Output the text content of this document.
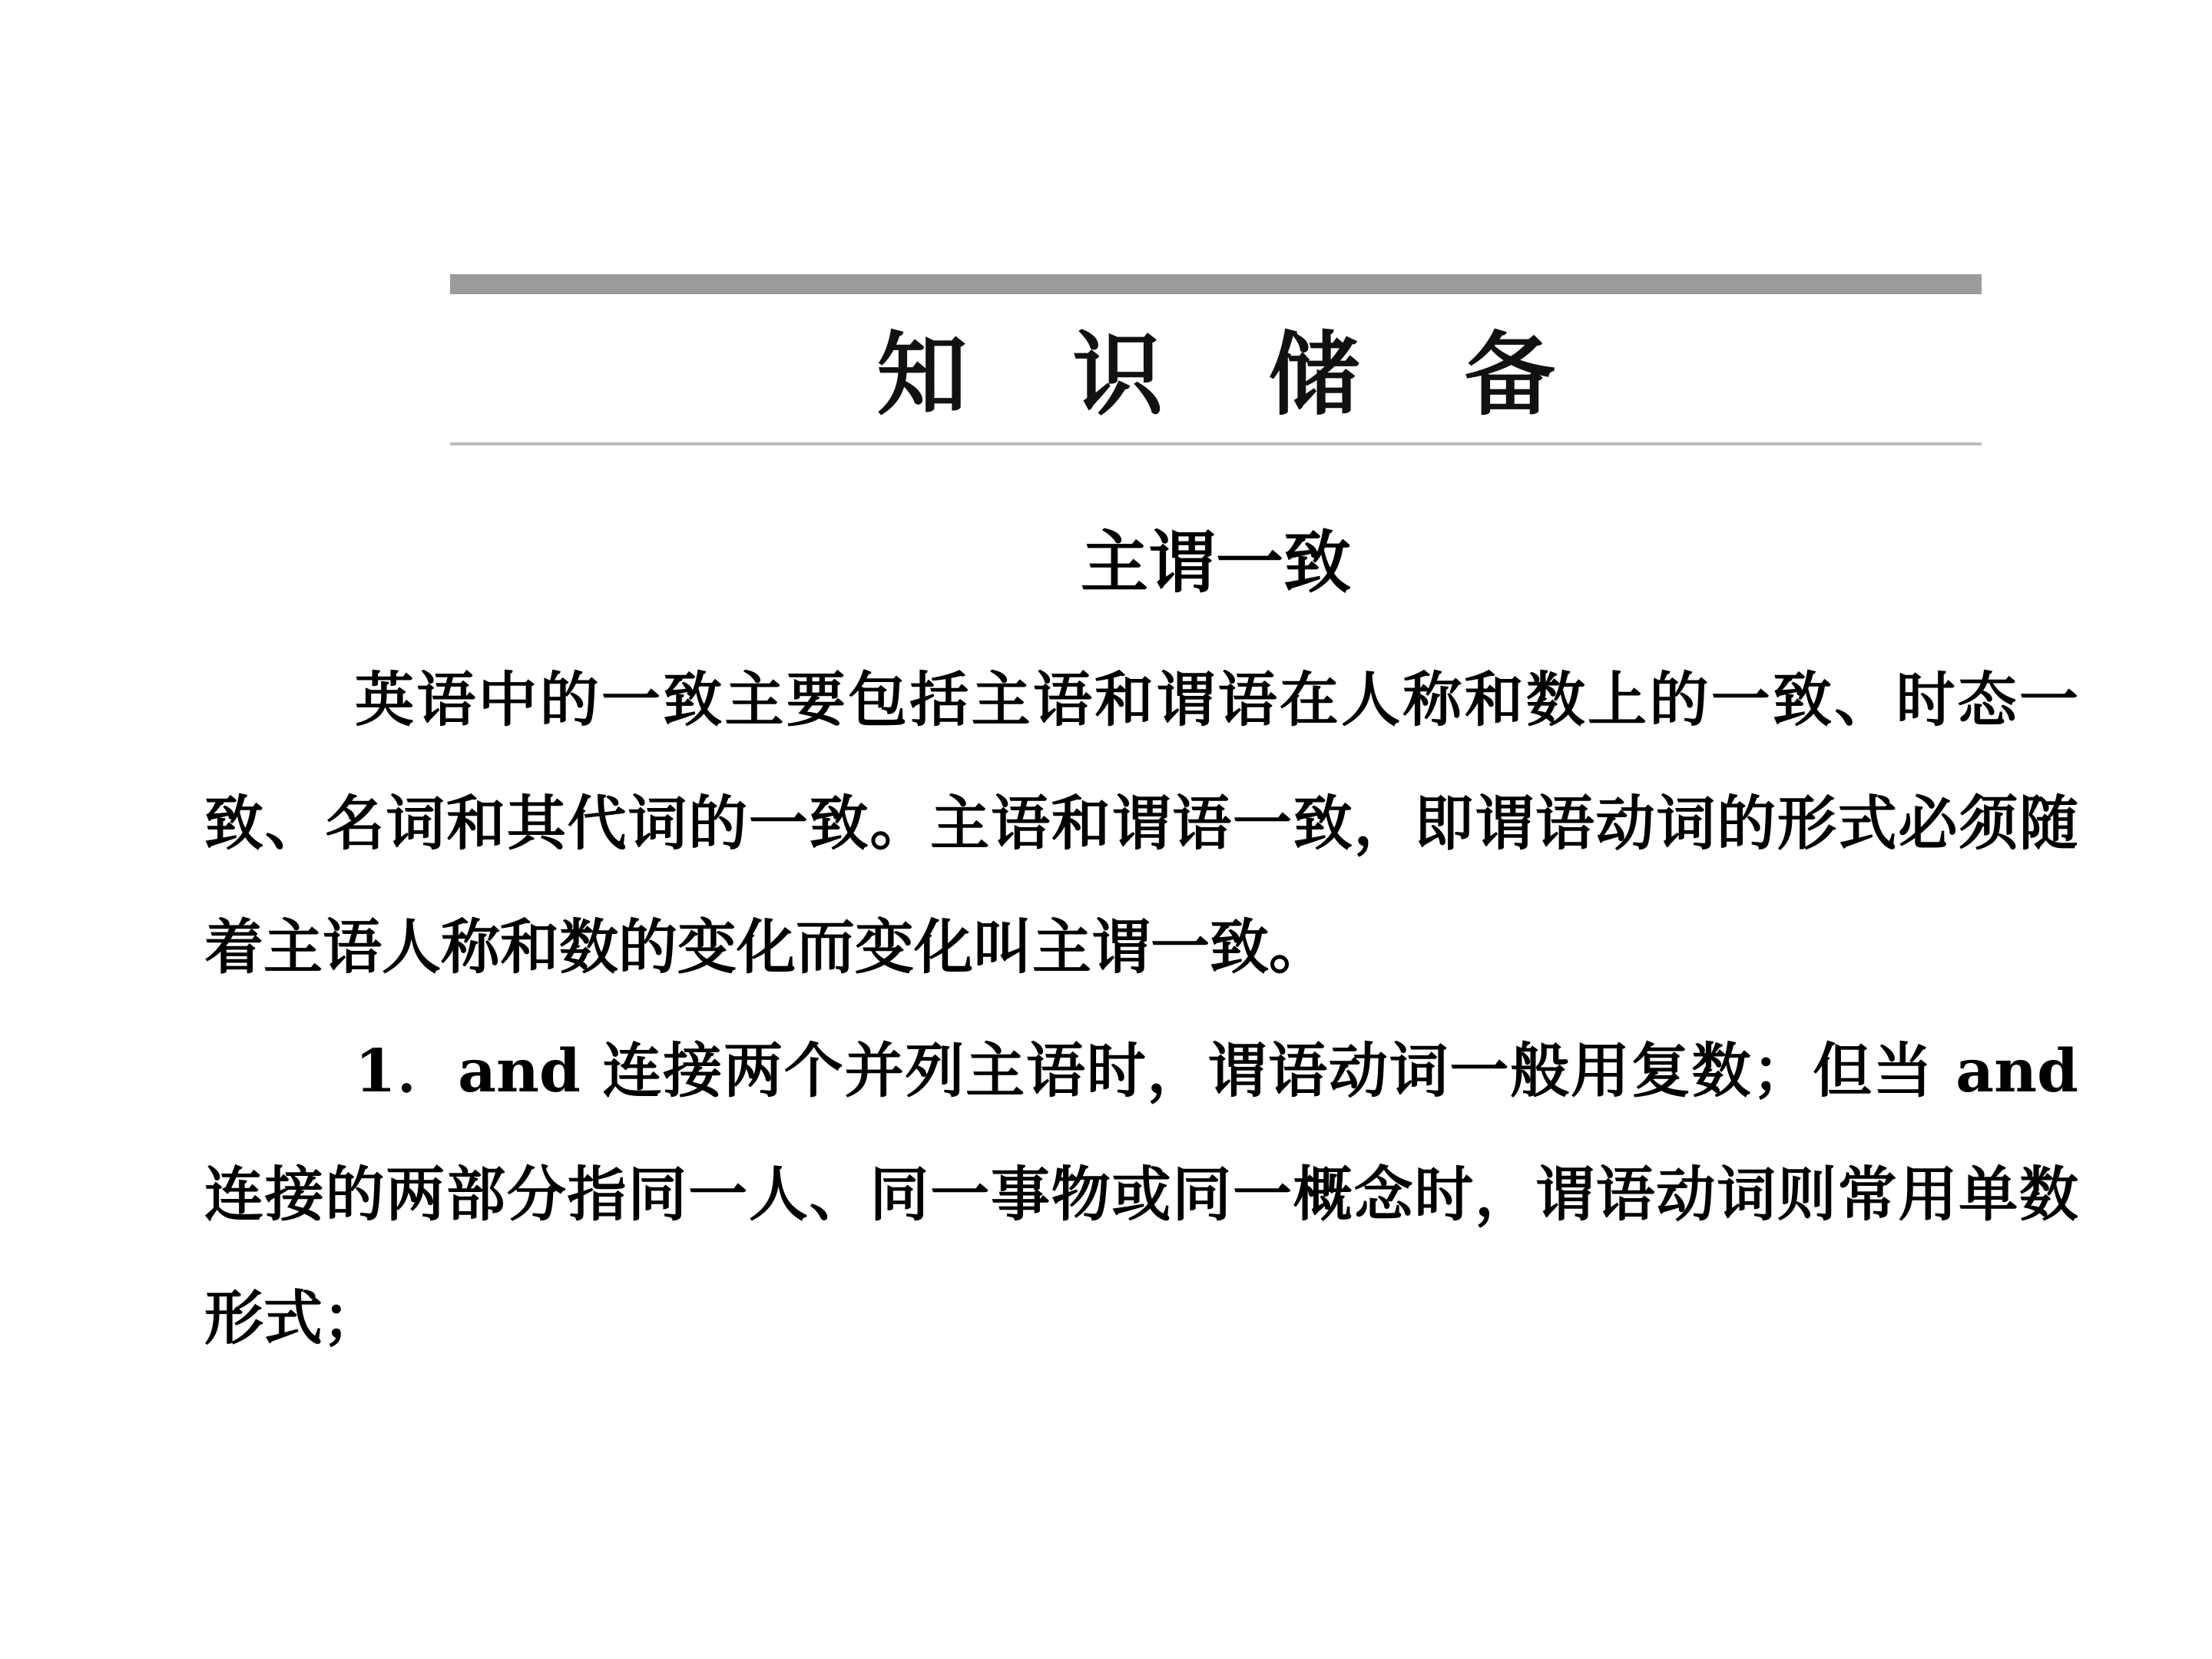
知 识 储 备
主谓一致

英语中的一致主要包括主语和谓语在人称和数上的一致、时态一致、名词和其代词的一致。主语和谓语一致，即谓语动词的形式必须随着主语人称和数的变化而变化叫主谓一致。

1．and 连接两个并列主语时，谓语动词一般用复数；但当 and 连接的两部分指同一人、同一事物或同一概念时，谓语动词则常用单数形式；
